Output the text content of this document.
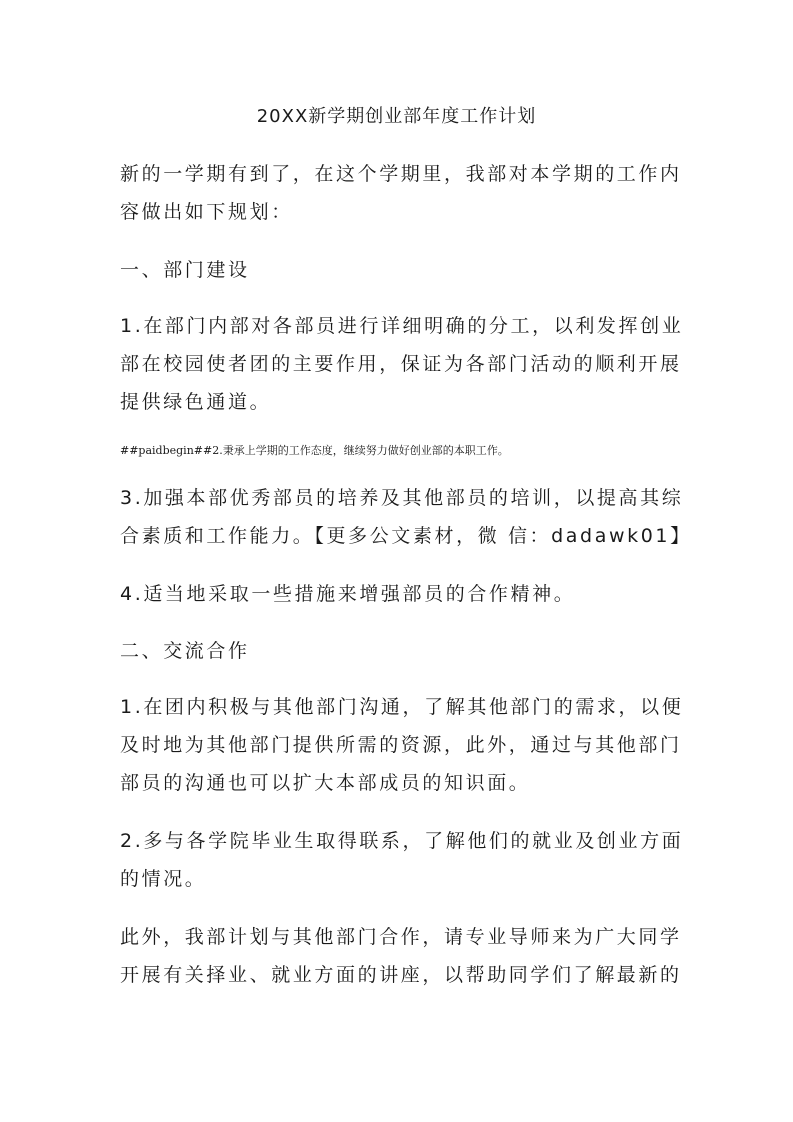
20XX新学期创业部年度工作计划
新的一学期有到了，在这个学期里，我部对本学期的工作内
容做出如下规划：
一、部门建设
1.在部门内部对各部员进行详细明确的分工，以利发挥创业
部在校园使者团的主要作用，保证为各部门活动的顺利开展
提供绿色通道。
##paidbegin##2.秉承上学期的工作态度，继续努力做好创业部的本职工作。
3.加强本部优秀部员的培养及其他部员的培训，以提高其综
合素质和工作能力。【更多公文素材，微 信：dadawk01】
4.适当地采取一些措施来增强部员的合作精神。
二、交流合作
1.在团内积极与其他部门沟通，了解其他部门的需求，以便
及时地为其他部门提供所需的资源，此外，通过与其他部门
部员的沟通也可以扩大本部成员的知识面。
2.多与各学院毕业生取得联系，了解他们的就业及创业方面
的情况。
此外，我部计划与其他部门合作，请专业导师来为广大同学
开展有关择业、就业方面的讲座，以帮助同学们了解最新的
